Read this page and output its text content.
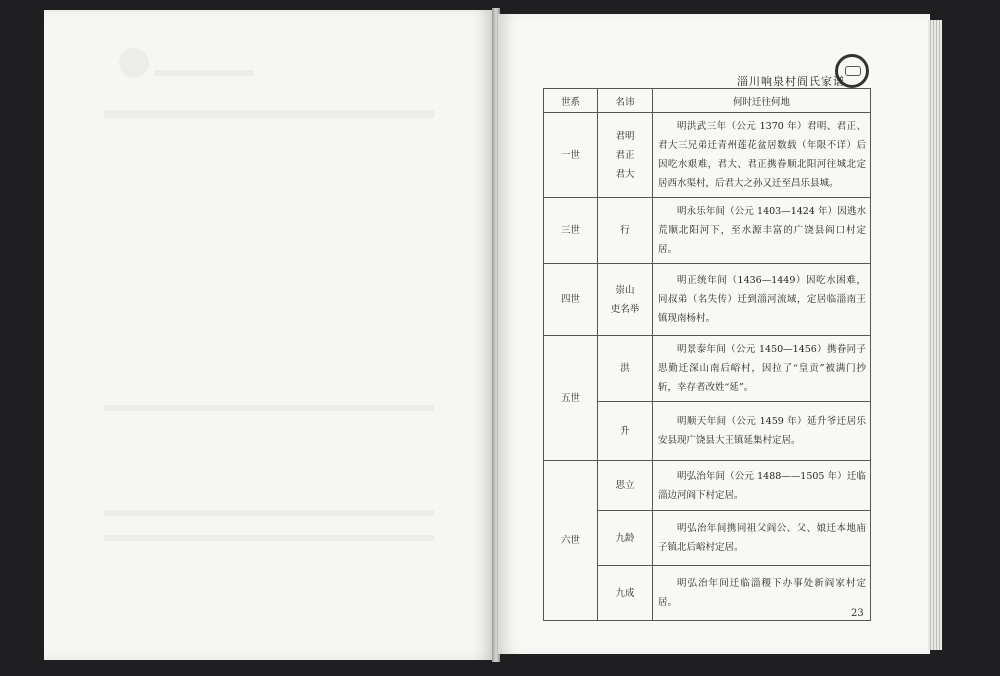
淄川响泉村阎氏家谱
世系	名讳	何时迁往何地
一世	君明
君正
君大	明洪武三年（公元 1370 年）君明、君正、君大三兄弟迁青州莲花盆居数载（年限不详）后因吃水艰难，君大、君正携眷顺北阳河往城北定居西水渠村，后君大之孙又迁至昌乐县城。
三世	行	明永乐年间（公元 1403—1424 年）因逃水荒顺北阳河下，至水源丰富的广饶县阎口村定居。
四世	崇山
吏名举	明正统年间（1436—1449）因吃水困难，同叔弟（名失传）迁到淄河流域，定居临淄南王镇现南杨村。
五世	洪	明景泰年间（公元 1450—1456）携眷同子思勤迁深山南后峪村，因拉了“皇贡”被满门抄斩，幸存者改姓“延”。
	升	明顺天年间（公元 1459 年）延升爷迁居乐安县现广饶县大王镇延集村定居。
六世	思立	明弘治年间（公元 1488——1505 年）迁临淄边河阎下村定居。
	九龄	明弘治年间携同祖父阎公、父、娘迁本地庙子镇北后峪村定居。
	九成	明弘治年间迁临淄稷下办事处新阎家村定居。
23
